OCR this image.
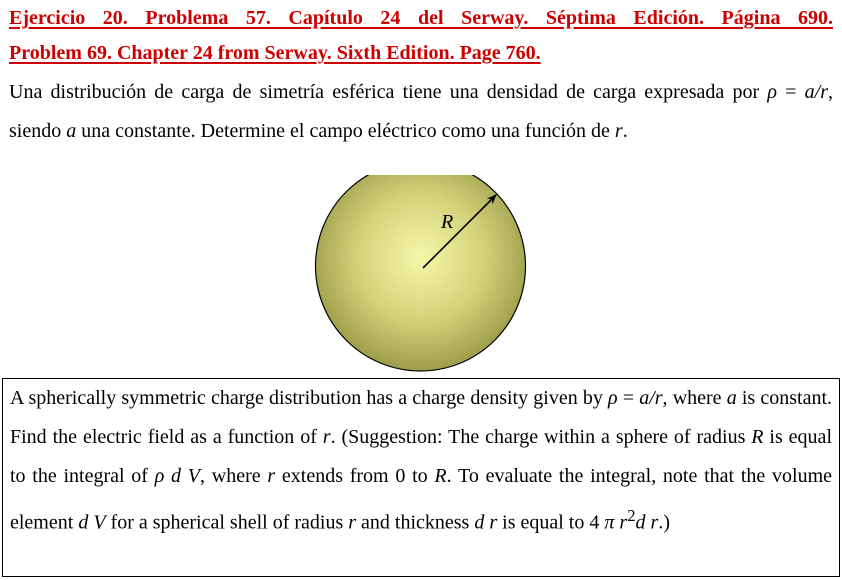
Ejercicio 20. Problema 57. Capítulo 24 del Serway. Séptima Edición. Página 690.
Problem 69. Chapter 24 from Serway. Sixth Edition. Page 760.
Una distribución de carga de simetría esférica tiene una densidad de carga expresada por ρ = a/r, siendo a una constante. Determine el campo eléctrico como una función de r.
R
A spherically symmetric charge distribution has a charge density given by ρ = a/r, where a is constant. Find the electric field as a function of r. (Suggestion: The charge within a sphere of radius R is equal to the integral of ρ d V, where r extends from 0 to R. To evaluate the integral, note that the volume element d V for a spherical shell of radius r and thickness d r is equal to 4 π $r^2d$ r.)
